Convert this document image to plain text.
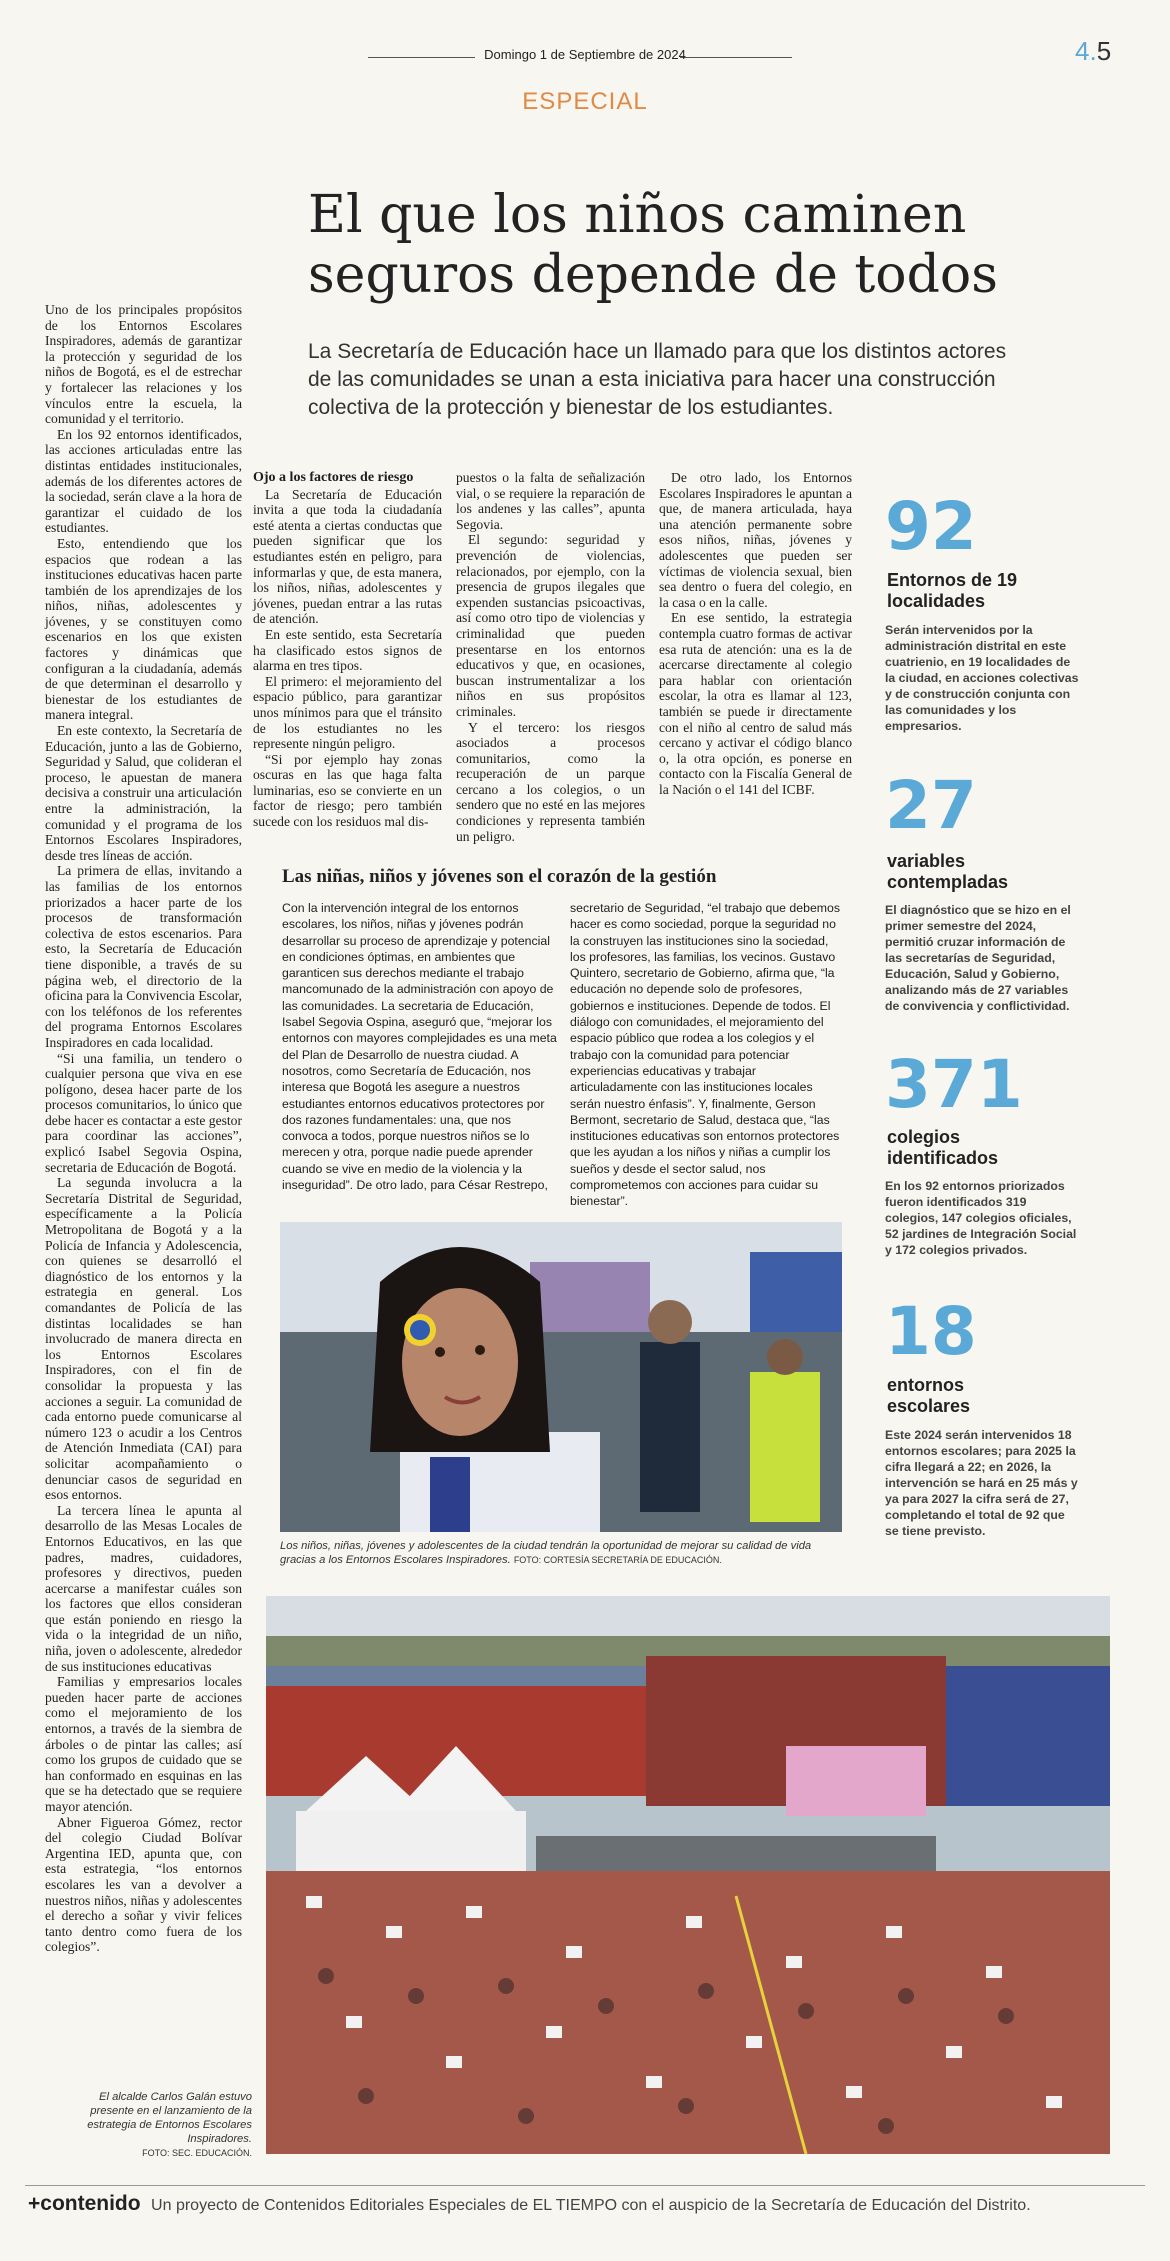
Domingo 1 de Septiembre de 2024	4.5
ESPECIAL
El que los niños caminen seguros depende de todos
La Secretaría de Educación hace un llamado para que los distintos actores de las comunidades se unan a esta iniciativa para hacer una construcción colectiva de la protección y bienestar de los estudiantes.

Uno de los principales propósitos de los Entornos Escolares Inspiradores, además de garantizar la protección y seguridad de los niños de Bogotá, es el de estrechar y fortalecer las relaciones y los vínculos entre la escuela, la comunidad y el territorio.

En los 92 entornos identificados, las acciones articuladas entre las distintas entidades institucionales, además de los diferentes actores de la sociedad, serán clave a la hora de garantizar el cuidado de los estudiantes.

Esto, entendiendo que los espacios que rodean a las instituciones educativas hacen parte también de los aprendizajes de los niños, niñas, adolescentes y jóvenes, y se constituyen como escenarios en los que existen factores y dinámicas que configuran a la ciudadanía, además de que determinan el desarrollo y bienestar de los estudiantes de manera integral.

En este contexto, la Secretaría de Educación, junto a las de Gobierno, Seguridad y Salud, que colideran el proceso, le apuestan de manera decisiva a construir una articulación entre la administración, la comunidad y el programa de los Entornos Escolares Inspiradores, desde tres líneas de acción.

La primera de ellas, invitando a las familias de los entornos priorizados a hacer parte de los procesos de transformación colectiva de estos escenarios. Para esto, la Secretaría de Educación tiene disponible, a través de su página web, el directorio de la oficina para la Convivencia Escolar, con los teléfonos de los referentes del programa Entornos Escolares Inspiradores en cada localidad.

“Si una familia, un tendero o cualquier persona que viva en ese polígono, desea hacer parte de los procesos comunitarios, lo único que debe hacer es contactar a este gestor para coordinar las acciones”, explicó Isabel Segovia Ospina, secretaria de Educación de Bogotá.

La segunda involucra a la Secretaría Distrital de Seguridad, específicamente a la Policía Metropolitana de Bogotá y a la Policía de Infancia y Adolescencia, con quienes se desarrolló el diagnóstico de los entornos y la estrategia en general. Los comandantes de Policía de las distintas localidades se han involucrado de manera directa en los Entornos Escolares Inspiradores, con el fin de consolidar la propuesta y las acciones a seguir. La comunidad de cada entorno puede comunicarse al número 123 o acudir a los Centros de Atención Inmediata (CAI) para solicitar acompañamiento o denunciar casos de seguridad en esos entornos.

La tercera línea le apunta al desarrollo de las Mesas Locales de Entornos Educativos, en las que padres, madres, cuidadores, profesores y directivos, pueden acercarse a manifestar cuáles son los factores que ellos consideran que están poniendo en riesgo la vida o la integridad de un niño, niña, joven o adolescente, alrededor de sus instituciones educativas

Familias y empresarios locales pueden hacer parte de acciones como el mejoramiento de los entornos, a través de la siembra de árboles o de pintar las calles; así como los grupos de cuidado que se han conformado en esquinas en las que se ha detectado que se requiere mayor atención.

Abner Figueroa Gómez, rector del colegio Ciudad Bolívar Argentina IED, apunta que, con esta estrategia, “los entornos escolares les van a devolver a nuestros niños, niñas y adolescentes el derecho a soñar y vivir felices tanto dentro como fuera de los colegios”.

Ojo a los factores de riesgo

La Secretaría de Educación invita a que toda la ciudadanía esté atenta a ciertas conductas que pueden significar que los estudiantes estén en peligro, para informarlas y que, de esta manera, los niños, niñas, adolescentes y jóvenes, puedan entrar a las rutas de atención.

En este sentido, esta Secretaría ha clasificado estos signos de alarma en tres tipos.

El primero: el mejoramiento del espacio público, para garantizar unos mínimos para que el tránsito de los estudiantes no les represente ningún peligro.

“Si por ejemplo hay zonas oscuras en las que haga falta luminarias, eso se convierte en un factor de riesgo; pero también sucede con los residuos mal dis-

puestos o la falta de señalización vial, o se requiere la reparación de los andenes y las calles”, apunta Segovia.

El segundo: seguridad y prevención de violencias, relacionados, por ejemplo, con la presencia de grupos ilegales que expenden sustancias psicoactivas, así como otro tipo de violencias y criminalidad que pueden presentarse en los entornos educativos y que, en ocasiones, buscan instrumentalizar a los niños en sus propósitos criminales.

Y el tercero: los riesgos asociados a procesos comunitarios, como la recuperación de un parque cercano a los colegios, o un sendero que no esté en las mejores condiciones y representa también un peligro.

De otro lado, los Entornos Escolares Inspiradores le apuntan a que, de manera articulada, haya una atención permanente sobre esos niños, niñas, jóvenes y adolescentes que pueden ser víctimas de violencia sexual, bien sea dentro o fuera del colegio, en la casa o en la calle.

En ese sentido, la estrategia contempla cuatro formas de activar esa ruta de atención: una es la de acercarse directamente al colegio para hablar con orientación escolar, la otra es llamar al 123, también se puede ir directamente con el niño al centro de salud más cercano y activar el código blanco o, la otra opción, es ponerse en contacto con la Fiscalía General de la Nación o el 141 del ICBF.

Las niñas, niños y jóvenes son el corazón de la gestión

Con la intervención integral de los entornos escolares, los niños, niñas y jóvenes podrán desarrollar su proceso de aprendizaje y potencial en condiciones óptimas, en ambientes que garanticen sus derechos mediante el trabajo mancomunado de la administración con apoyo de las comunidades. La secretaria de Educación, Isabel Segovia Ospina, aseguró que, “mejorar los entornos con mayores complejidades es una meta del Plan de Desarrollo de nuestra ciudad. A nosotros, como Secretaría de Educación, nos interesa que Bogotá les asegure a nuestros estudiantes entornos educativos protectores por dos razones fundamentales: una, que nos convoca a todos, porque nuestros niños se lo merecen y otra, porque nadie puede aprender cuando se vive en medio de la violencia y la inseguridad”. De otro lado, para César Restrepo,

secretario de Seguridad, “el trabajo que debemos hacer es como sociedad, porque la seguridad no la construyen las instituciones sino la sociedad, los profesores, las familias, los vecinos. Gustavo Quintero, secretario de Gobierno, afirma que, “la educación no depende solo de profesores, gobiernos e instituciones. Depende de todos. El diálogo con comunidades, el mejoramiento del espacio público que rodea a los colegios y el trabajo con la comunidad para potenciar experiencias educativas y trabajar articuladamente con las instituciones locales serán nuestro énfasis”. Y, finalmente, Gerson Bermont, secretario de Salud, destaca que, “las instituciones educativas son entornos protectores que les ayudan a los niños y niñas a cumplir los sueños y desde el sector salud, nos comprometemos con acciones para cuidar su bienestar”.

Los niños, niñas, jóvenes y adolescentes de la ciudad tendrán la oportunidad de mejorar su calidad de vida gracias a los Entornos Escolares Inspiradores. FOTO: CORTESÍA SECRETARÍA DE EDUCACIÓN.
El alcalde Carlos Galán estuvo presente en el lanzamiento de la estrategia de Entornos Escolares Inspiradores.
FOTO: SEC. EDUCACIÓN.
92
Entornos de 19 localidades
Serán intervenidos por la administración distrital en este cuatrienio, en 19 localidades de la ciudad, en acciones colectivas y de construcción conjunta con las comunidades y los empresarios.
27
variables contempladas
El diagnóstico que se hizo en el primer semestre del 2024, permitió cruzar información de las secretarías de Seguridad, Educación, Salud y Gobierno, analizando más de 27 variables de convivencia y conflictividad.
371
colegios identificados
En los 92 entornos priorizados fueron identificados 319 colegios, 147 colegios oficiales, 52 jardines de Integración Social y 172 colegios privados.
18
entornos escolares
Este 2024 serán intervenidos 18 entornos escolares; para 2025 la cifra llegará a 22; en 2026, la intervención se hará en 25 más y ya para 2027 la cifra será de 27, completando el total de 92 que se tiene previsto.
+contenido Un proyecto de Contenidos Editoriales Especiales de EL TIEMPO con el auspicio de la Secretaría de Educación del Distrito.
